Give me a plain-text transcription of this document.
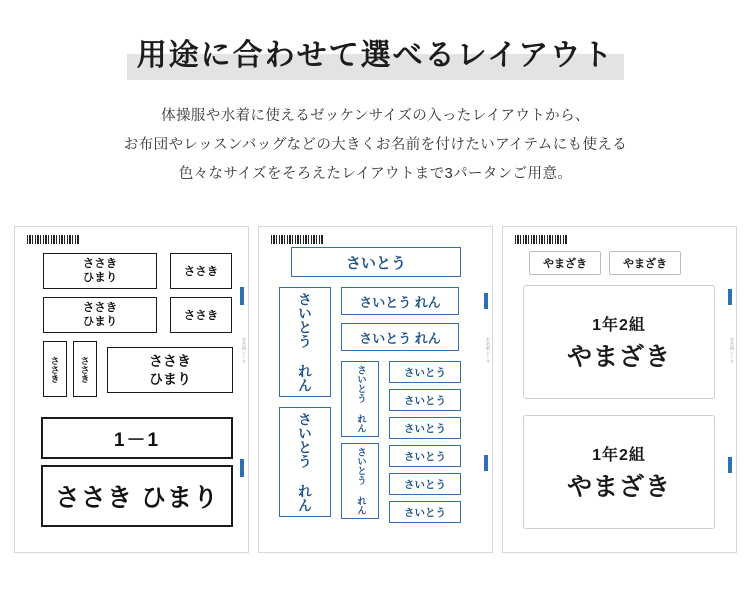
用途に合わせて選べるレイアウト
体操服や水着に使えるゼッケンサイズの入ったレイアウトから、
お布団やレッスンバッグなどの大きくお名前を付けたいアイテムにも使える
色々なサイズをそろえたレイアウトまで3パータンご用意。
お名前シール
ささき
ひまり	ささき
ささき
ひまり	ささき
ささき	ささき	ささき
ひまり
1－1
ささき ひまり
お名前シール
さいとう
さいとう れん
さいとう れん
さいとう れん
さいとう れん
さいとう れん
さいとう れん
さいとう
さいとう
さいとう
さいとう
さいとう
さいとう
お名前シール
やまざき	やまざき
1年2組
やまざき
1年2組
やまざき
